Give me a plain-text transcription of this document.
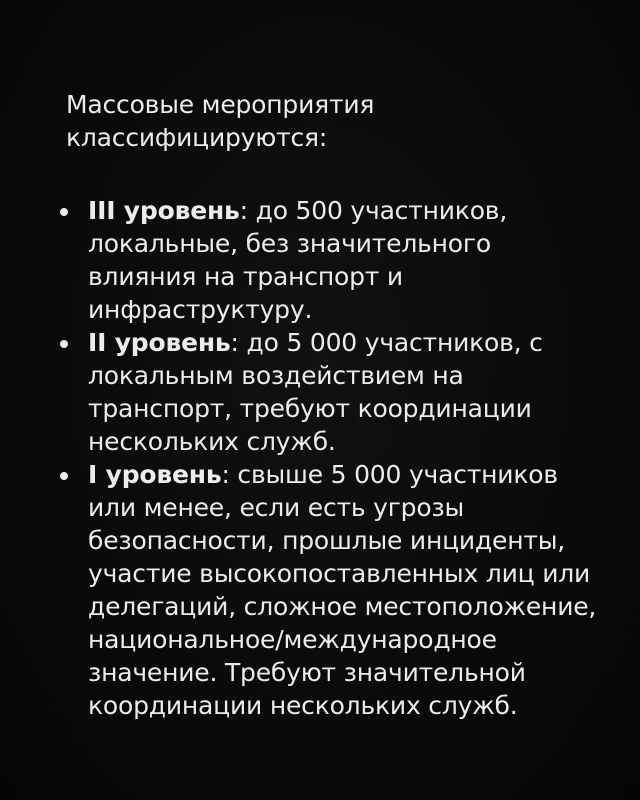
Массовые мероприятия классифицируются:

III уровень: до 500 участников, локальные, без значительного влияния на транспорт и инфраструктуру.
II уровень: до 5 000 участников, с локальным воздействием на транспорт, требуют координации нескольких служб.
I уровень: свыше 5 000 участников или менее, если есть угрозы безопасности, прошлые инциденты, участие высокопоставленных лиц или делегаций, сложное местоположение, национальное/международное значение. Требуют значительной координации нескольких служб.
